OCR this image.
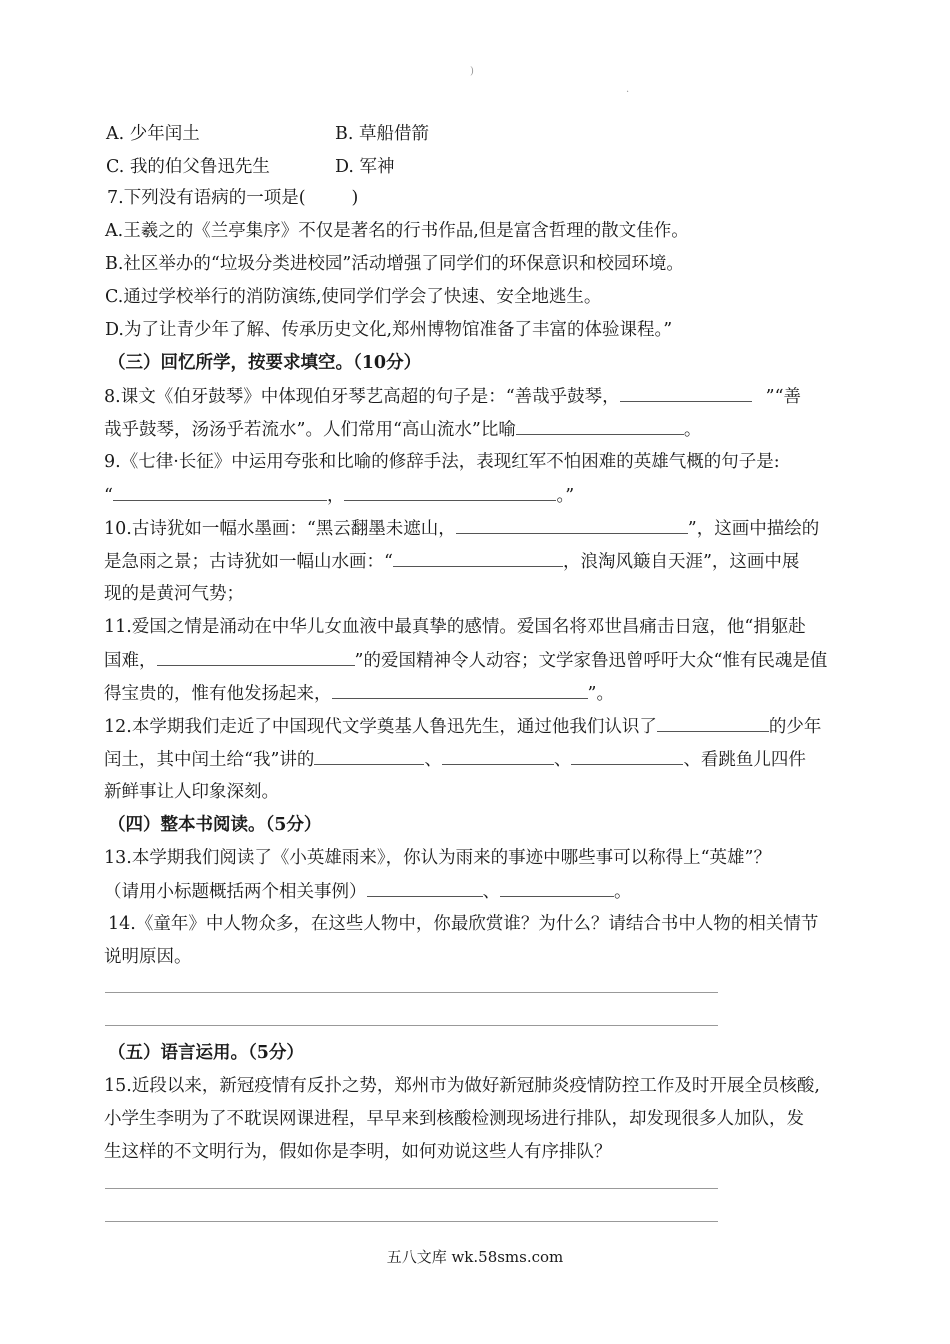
)
.
A. 少年闰土	B. 草船借箭
C. 我的伯父鲁迅先生	D. 军神
7.下列没有语病的一项是(	)
A.王羲之的《兰亭集序》不仅是著名的行书作品,但是富含哲理的散文佳作。
B.社区举办的“垃圾分类进校园”活动增强了同学们的环保意识和校园环境。
C.通过学校举行的消防演练,使同学们学会了快速、安全地逃生。
D.为了让青少年了解、传承历史文化,郑州博物馆准备了丰富的体验课程。”
（三）回忆所学，按要求填空。（10分）
8.课文《伯牙鼓琴》中体现伯牙琴艺高超的句子是：“善哉乎鼓琴，	”“善
哉乎鼓琴，汤汤乎若流水”。人们常用“高山流水”比喻	。
9.《七律·长征》中运用夸张和比喻的修辞手法，表现红军不怕困难的英雄气概的句子是:
“	，	。”
10.古诗犹如一幅水墨画：“黑云翻墨未遮山，	”，这画中描绘的
是急雨之景；古诗犹如一幅山水画：“	，浪淘风簸自天涯”，这画中展
现的是黄河气势；
11.爱国之情是涌动在中华儿女血液中最真挚的感情。爱国名将邓世昌痛击日寇，他“捐躯赴
国难，	”的爱国精神令人动容；文学家鲁迅曾呼吁大众“惟有民魂是值
得宝贵的，惟有他发扬起来，	”。
12.本学期我们走近了中国现代文学奠基人鲁迅先生，通过他我们认识了	的少年
闰土，其中闰土给“我”讲的	、	、	、看跳鱼儿四件
新鲜事让人印象深刻。
（四）整本书阅读。（5分）
13.本学期我们阅读了《小英雄雨来》，你认为雨来的事迹中哪些事可以称得上“英雄”？
（请用小标题概括两个相关事例）	、	。
14.《童年》中人物众多，在这些人物中，你最欣赏谁？为什么？请结合书中人物的相关情节
说明原因。
（五）语言运用。（5分）
15.近段以来，新冠疫情有反扑之势，郑州市为做好新冠肺炎疫情防控工作及时开展全员核酸,
小学生李明为了不耽误网课进程，早早来到核酸检测现场进行排队，却发现很多人加队，发
生这样的不文明行为，假如你是李明，如何劝说这些人有序排队？
五八文库 wk.58sms.com
